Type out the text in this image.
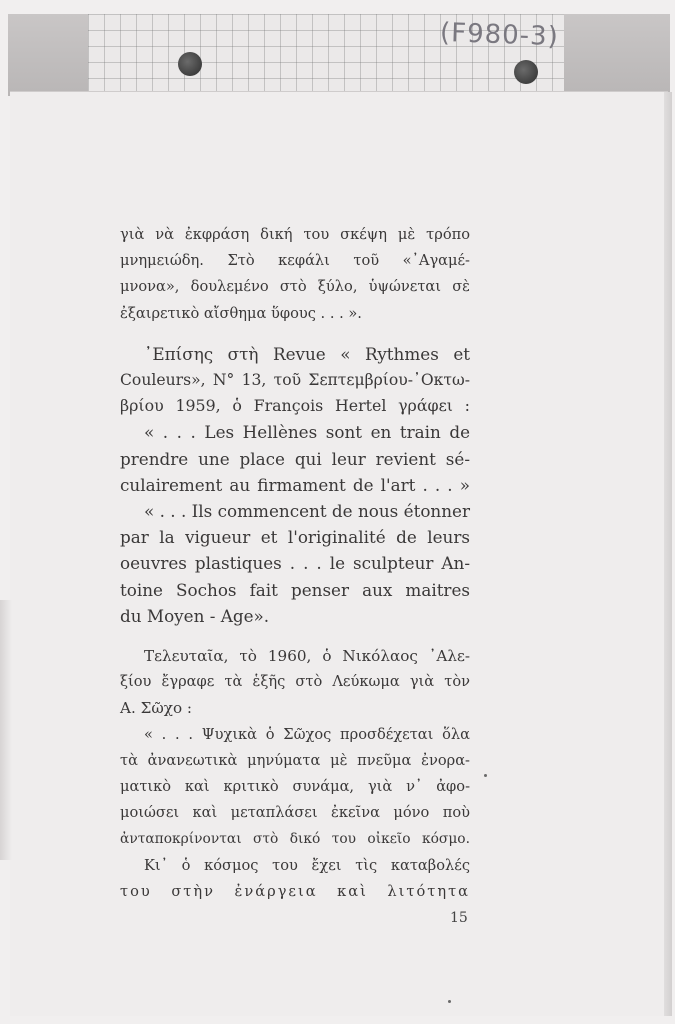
(F980-3)
γιὰ νὰ ἐκφράση δική του σκέψη μὲ τρόπο
μνημειώδη. Στὸ κεφάλι τοῦ «᾿Αγαμέ-
μνονα», δουλεμένο στὸ ξύλο, ὑψώνεται σὲ
ἐξαιρετικὸ αἴσθημα ὕφους . . . ».
᾿Επίσης στὴ Revue « Rythmes et
Couleurs», N° 13, τοῦ Σεπτεμβρίου-᾿Οκτω-
βρίου 1959, ὁ François Hertel γράφει :
« . . . Les Hellènes sont en train de
prendre une place qui leur revient sé-
culairement au firmament de l'art . . . »
« . . . Ils commencent de nous étonner
par la vigueur et l'originalité de leurs
oeuvres plastiques . . . le sculpteur An-
toine Sochos fait penser aux maitres
du Moyen - Age».
Τελευταῖα, τὸ 1960, ὁ Νικόλαος ᾿Αλε-
ξίου ἔγραφε τὰ ἑξῆς στὸ Λεύκωμα γιὰ τὸν
Α. Σῶχο :
« . . . Ψυχικὰ ὁ Σῶχος προσδέχεται ὅλα
τὰ ἀνανεωτικὰ μηνύματα μὲ πνεῦμα ἐνορα-
ματικὸ καὶ κριτικὸ συνάμα, γιὰ ν᾿ ἀφο-
μοιώσει καὶ μεταπλάσει ἐκεῖνα μόνο ποὺ
ἀνταποκρίνονται στὸ δικό του οἰκεῖο κόσμο.
Κι᾿ ὁ κόσμος του ἔχει τὶς καταβολές
του στὴν ἐνάργεια καὶ λιτότητα
15
